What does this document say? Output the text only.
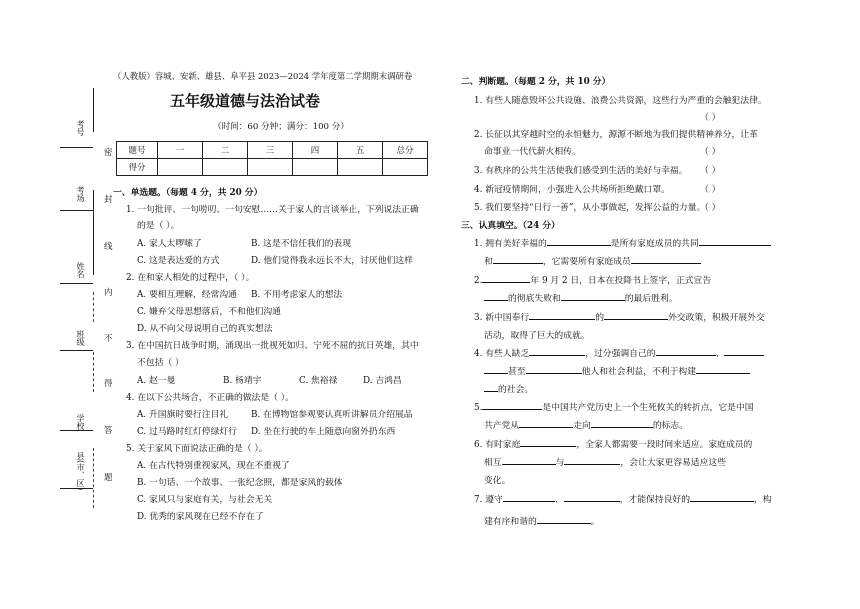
考号
考场
姓名
班级
学校
县(市、区)
密
封
线
内
不
得
答
题
（人教版）容城、安新、雄县、阜平县 2023—2024 学年度第二学期期末调研卷
五年级道德与法治试卷
（时间：60 分钟；满分：100 分）
题号	一	二	三	四	五	总分
得分						
一、单选题。（每题 4 分，共 20 分）
1. 一句批评、一句唠叨、一句安慰……关于家人的言谈举止，下列说法正确
的是（ ）。
A. 家人太啰嗦了	B. 这是不信任我们的表现
C. 这是表达爱的方式	D. 他们觉得我永远长不大，讨厌他们这样
2. 在和家人相处的过程中，（ ）。
A. 要相互理解，经常沟通 B. 不用考虑家人的想法
C. 嫌弃父母思想落后，不和他们沟通
D. 从不向父母说明自己的真实想法
3. 在中国抗日战争时期，涌现出一批视死如归、宁死不屈的抗日英雄，其中
不包括（ ）
A. 赵一曼	B. 杨靖宇	C. 焦裕禄	D. 吉鸿昌
4. 在以下公共场合，不正确的做法是（ ）。
A. 升国旗时要行注目礼	B. 在博物馆参观要认真听讲解员介绍展品
C. 过马路时红灯停绿灯行 D. 坐在行驶的车上随意向窗外扔东西
5. 关于家风下面说法正确的是（ ）。
A. 在古代特别重视家风，现在不重视了
B. 一句话、一个故事、一张纪念照，都是家风的载体
C. 家风只与家庭有关，与社会无关
D. 优秀的家风现在已经不存在了
二、判断题。（每题 2 分，共 10 分）
1. 有些人随意毁坏公共设施、浪费公共资源，这些行为严重的会触犯法律。
（ ）
2. 长征以其穿越时空的永恒魅力，源源不断地为我们提供精神养分，让革
命事业一代代薪火相传。	（ ）
3. 有秩序的公共生活使我们感受到生活的美好与幸福。 （ ）
4. 新冠疫情期间，小强进入公共场所拒绝戴口罩。	（ ）
5. 我们要坚持“日行一善”，从小事做起，发挥公益的力量。
（ ）
三、认真填空。（24 分）
1. 拥有美好幸福的	是所有家庭成员的共同
和	，它需要所有家庭成员
2.	年 9 月 2 日，日本在投降书上签字，正式宣告
的彻底失败和	的最后胜利。
3. 新中国奉行	的	外交政策，积极开展外交
活动，取得了巨大的成就。
4. 有些人缺乏	，过分强调自己的	、
甚至	他人和社会利益，不利于构建
的社会。
5.	是中国共产党历史上一个生死攸关的转折点，它是中国
共产党从	走向	的标志。
6. 有时家庭	，全家人都需要一段时间来适应。家庭成员的
相互	与	，会让大家更容易适应这些
变化。
7. 遵守	、	，才能保持良好的	，构
建有序和谐的	。
